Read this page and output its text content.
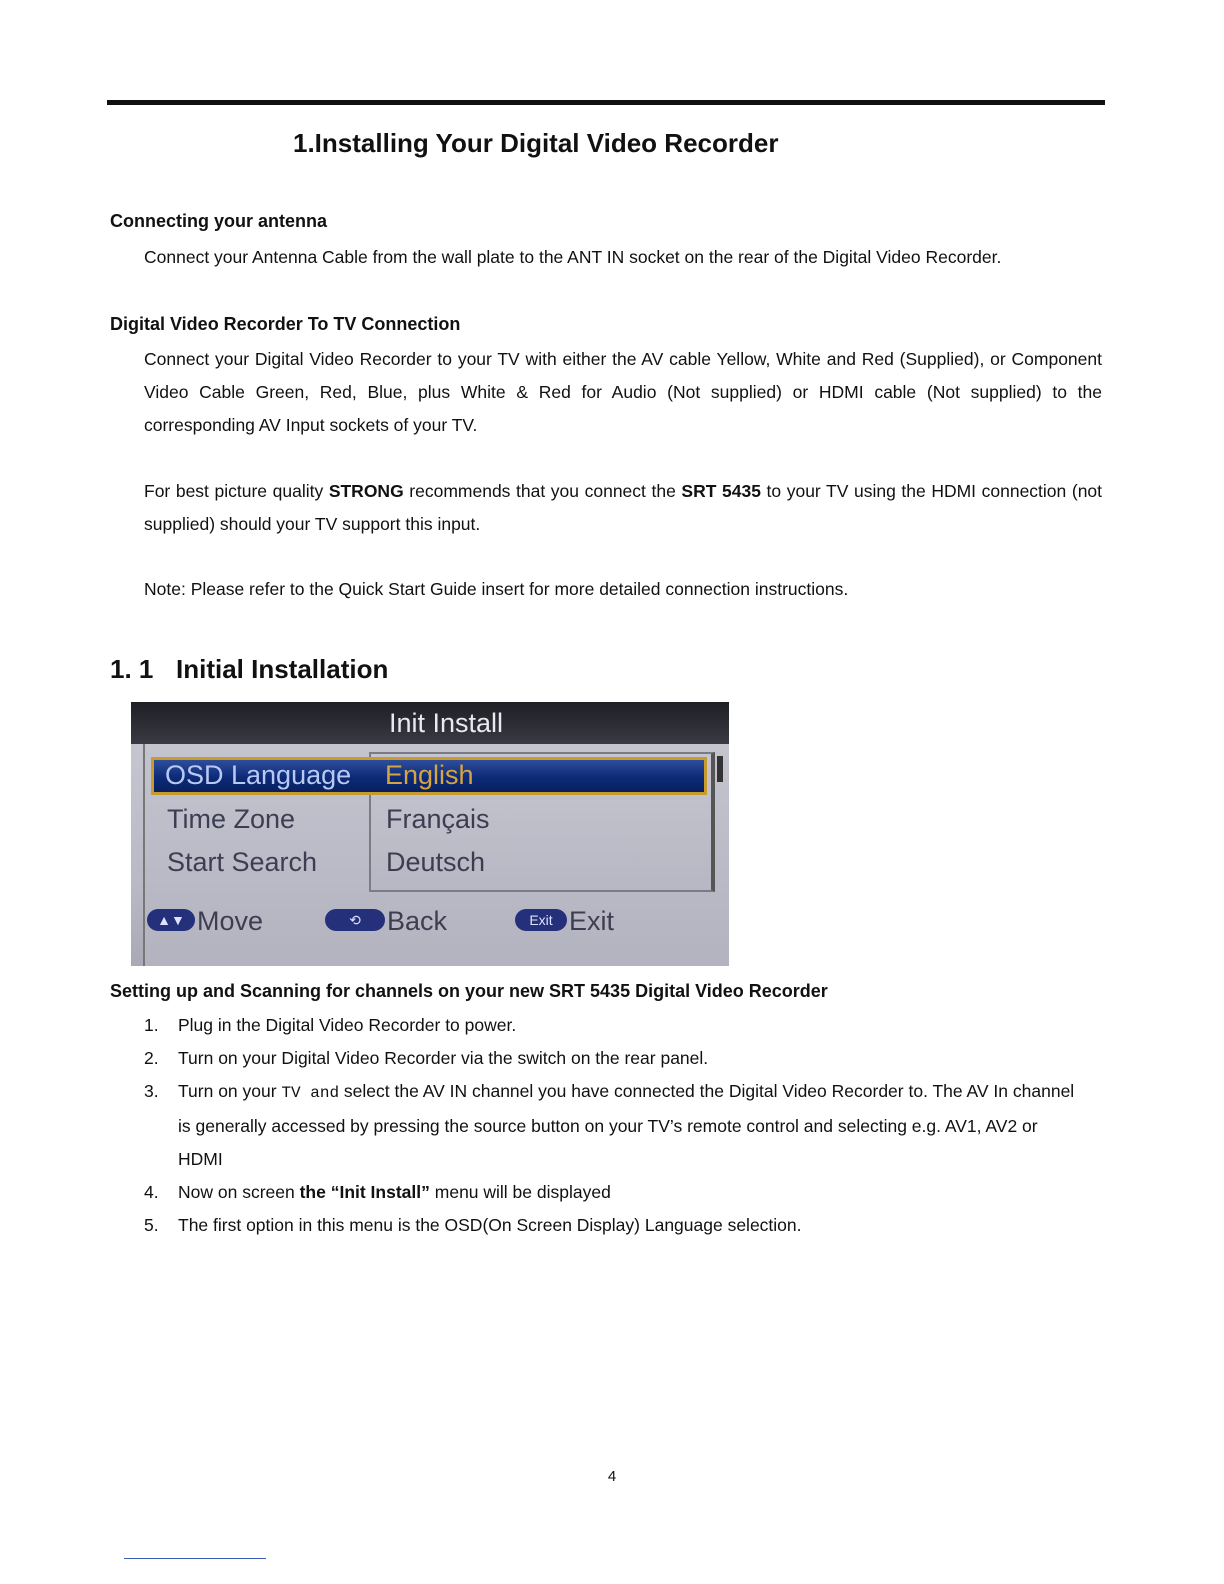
1.Installing Your Digital Video Recorder
Connecting your antenna
Connect your Antenna Cable from the wall plate to the ANT IN socket on the rear of the Digital Video Recorder.
Digital Video Recorder To TV Connection
Connect your Digital Video Recorder to your TV with either the AV cable Yellow, White and Red (Supplied), or Component Video Cable Green, Red, Blue, plus White & Red for Audio (Not supplied) or HDMI cable (Not supplied) to the corresponding AV Input sockets of your TV.
For best picture quality STRONG recommends that you connect the SRT 5435 to your TV using the HDMI connection (not supplied) should your TV support this input.
Note: Please refer to the Quick Start Guide insert for more detailed connection instructions.
1. 1 Initial Installation
Init Install
OSD Language
Time Zone
Start Search
English
Français
Deutsch
▲▼ Move	⟲ Back	Exit Exit
Setting up and Scanning for channels on your new SRT 5435 Digital Video Recorder
1. Plug in the Digital Video Recorder to power.
2. Turn on your Digital Video Recorder via the switch on the rear panel.
3. Turn on your TV and select the AV IN channel you have connected the Digital Video Recorder to. The AV In channel is generally accessed by pressing the source button on your TV’s remote control and selecting e.g. AV1, AV2 or HDMI
4. Now on screen the “Init Install” menu will be displayed
5. The first option in this menu is the OSD(On Screen Display) Language selection.
4
